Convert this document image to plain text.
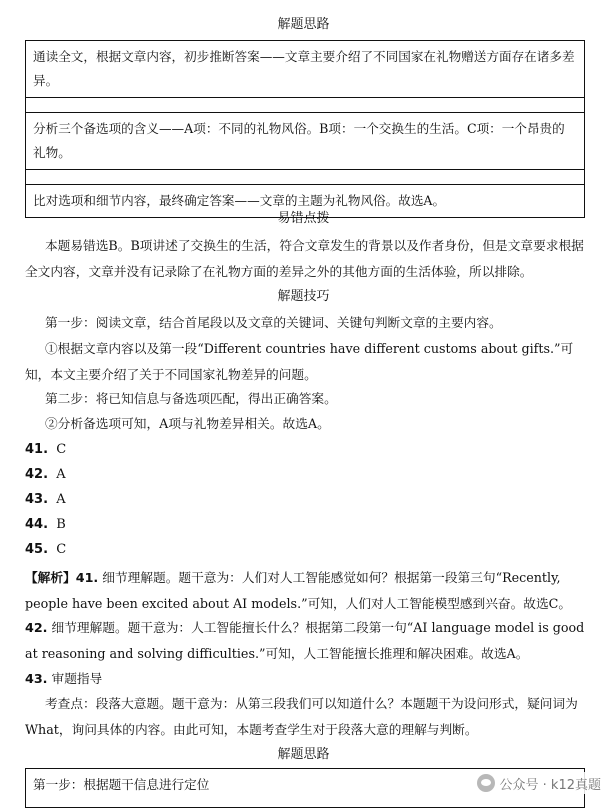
解题思路
通读全文，根据文章内容，初步推断答案——文章主要介绍了不同国家在礼物赠送方面存在诸多差异。
分析三个备选项的含义——A项：不同的礼物风俗。B项：一个交换生的生活。C项：一个昂贵的礼物。
比对选项和细节内容，最终确定答案——文章的主题为礼物风俗。故选A。
易错点拨
本题易错选B。B项讲述了交换生的生活，符合文章发生的背景以及作者身份，但是文章要求根据全文内容，文章并没有记录除了在礼物方面的差异之外的其他方面的生活体验，所以排除。
解题技巧
第一步：阅读文章，结合首尾段以及文章的关键词、关键句判断文章的主要内容。
①根据文章内容以及第一段“Different countries have different customs about gifts.”可知，本文主要介绍了关于不同国家礼物差异的问题。
第二步：将已知信息与备选项匹配，得出正确答案。
②分析备选项可知，A项与礼物差异相关。故选A。
41. C
42. A
43. A
44. B
45. C
【解析】41. 细节理解题。题干意为：人们对人工智能感觉如何？根据第一段第三句“Recently, people have been excited about AI models.”可知，人们对人工智能模型感到兴奋。故选C。
42. 细节理解题。题干意为：人工智能擅长什么？根据第二段第一句“AI language model is good at reasoning and solving difficulties.”可知，人工智能擅长推理和解决困难。故选A。
43. 审题指导
考查点：段落大意题。题干意为：从第三段我们可以知道什么？本题题干为设问形式，疑问词为What，询问具体的内容。由此可知，本题考查学生对于段落大意的理解与判断。
解题思路
第一步：根据题干信息进行定位	公众号 · k12真题
